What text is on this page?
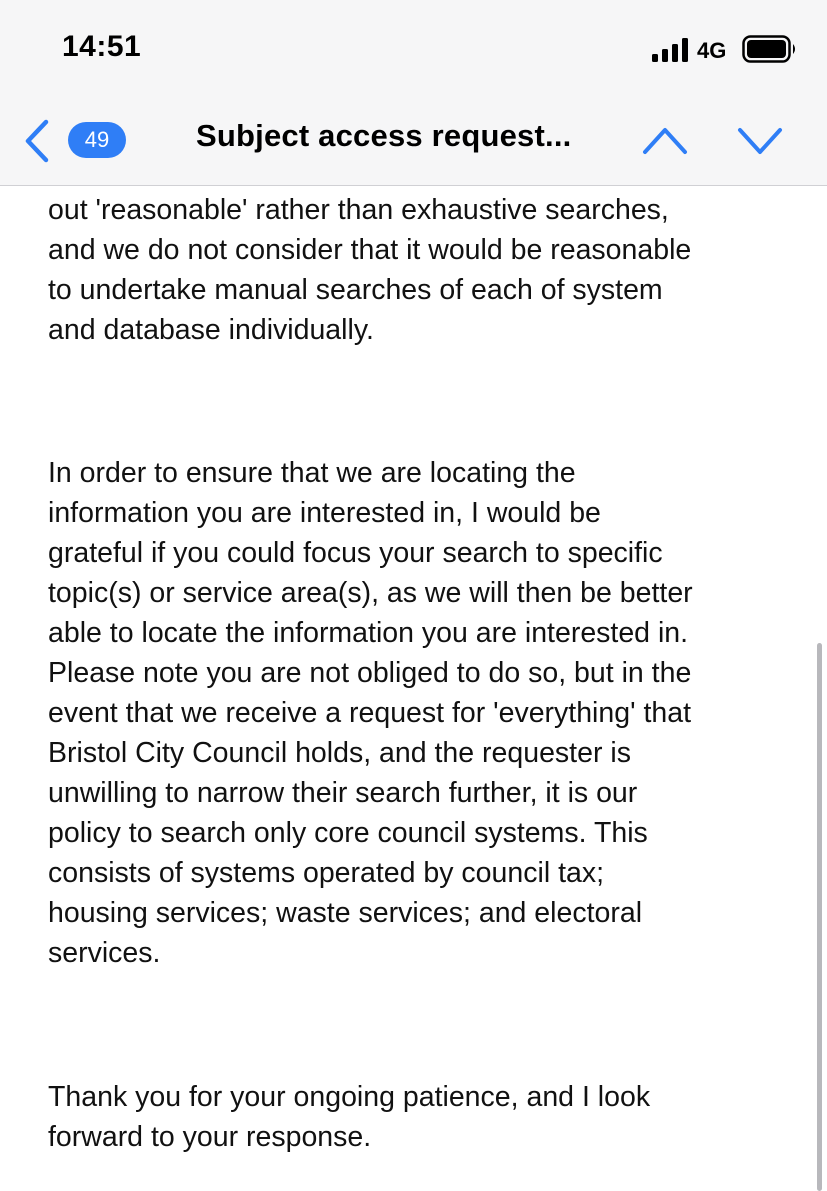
14:51	4G
49	Subject access request...
out 'reasonable' rather than exhaustive searches,
and we do not consider that it would be reasonable
to undertake manual searches of each of system
and database individually.
In order to ensure that we are locating the
information you are interested in, I would be
grateful if you could focus your search to specific
topic(s) or service area(s), as we will then be better
able to locate the information you are interested in.
Please note you are not obliged to do so, but in the
event that we receive a request for 'everything' that
Bristol City Council holds, and the requester is
unwilling to narrow their search further, it is our
policy to search only core council systems. This
consists of systems operated by council tax;
housing services; waste services; and electoral
services.
Thank you for your ongoing patience, and I look
forward to your response.
